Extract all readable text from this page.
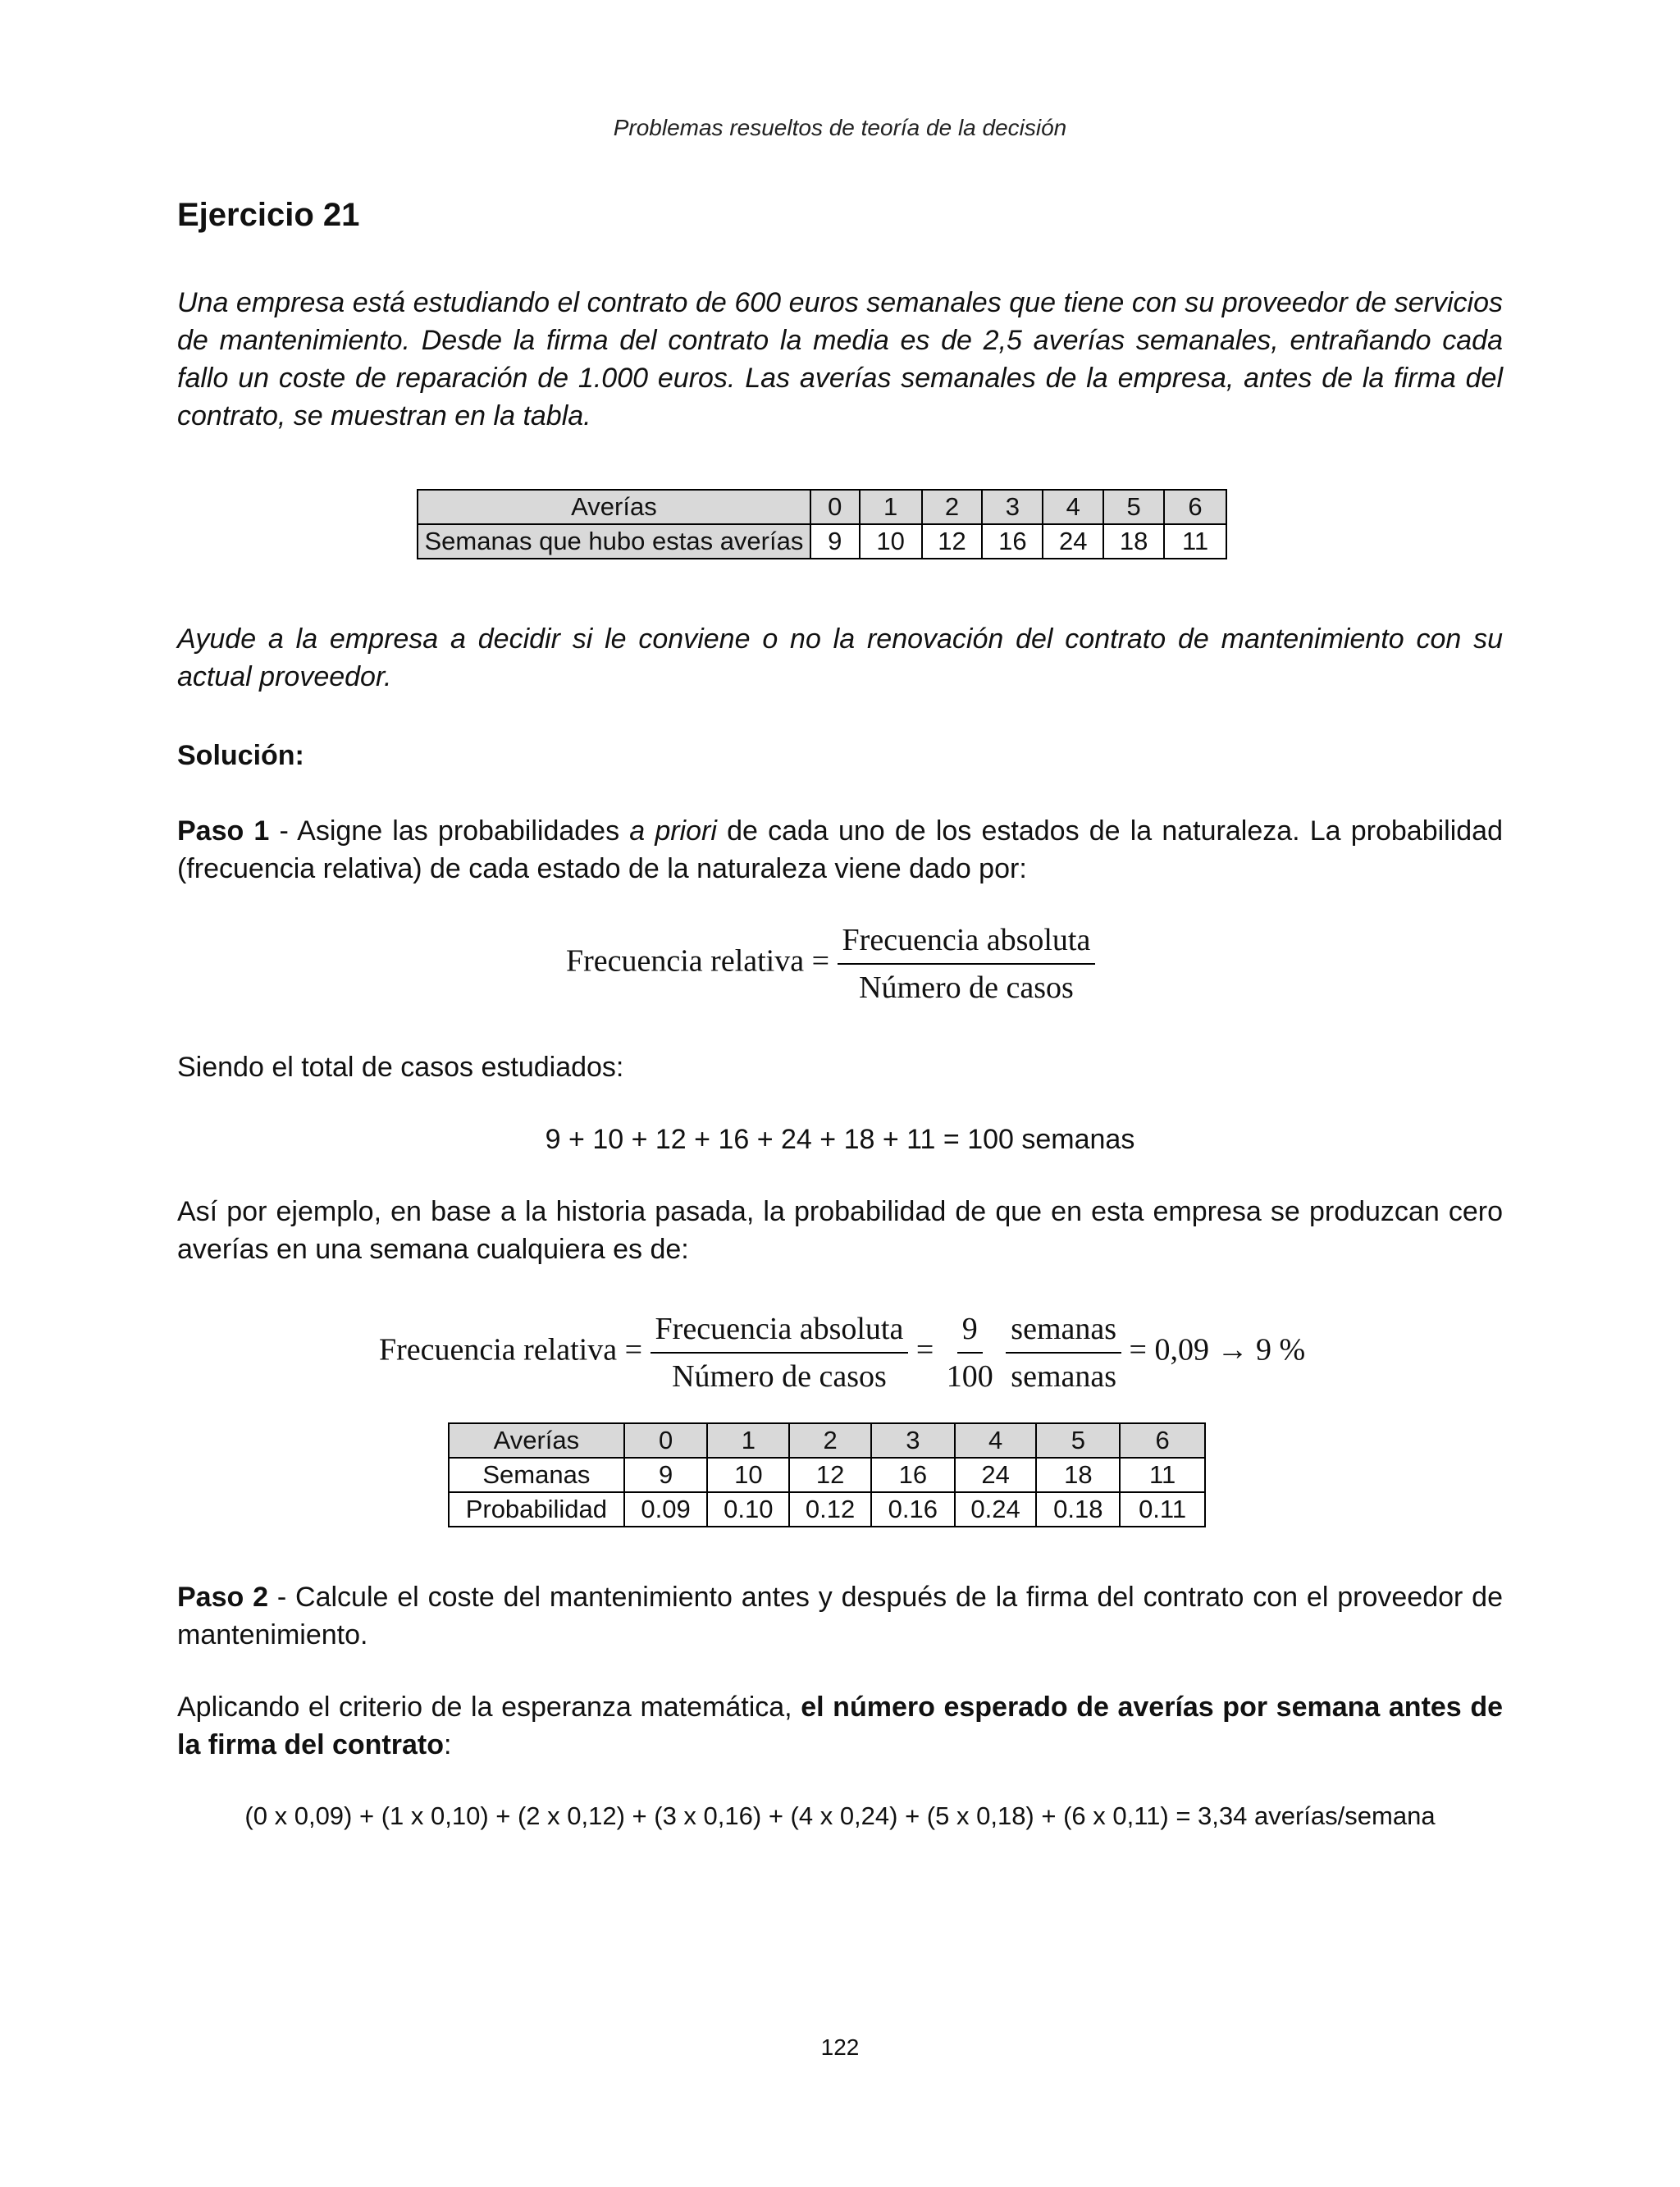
Problemas resueltos de teoría de la decisión
Ejercicio 21
Una empresa está estudiando el contrato de 600 euros semanales que tiene con su proveedor de servicios de mantenimiento. Desde la firma del contrato la media es de 2,5 averías semanales, entrañando cada fallo un coste de reparación de 1.000 euros. Las averías semanales de la empresa, antes de la firma del contrato, se muestran en la tabla.
Averías	0	1	2	3	4	5	6
Semanas que hubo estas averías	9	10	12	16	24	18	11
Ayude a la empresa a decidir si le conviene o no la renovación del contrato de mantenimiento con su actual proveedor.
Solución:
Paso 1 - Asigne las probabilidades a priori de cada uno de los estados de la naturaleza. La probabilidad (frecuencia relativa) de cada estado de la naturaleza viene dado por:
Frecuencia relativa = $\frac{\text{Frecuencia absoluta}}{\text{Número de casos}}$
Siendo el total de casos estudiados:
9 + 10 + 12 + 16 + 24 + 18 + 11 = 100 semanas
Así por ejemplo, en base a la historia pasada, la probabilidad de que en esta empresa se produzcan cero averías en una semana cualquiera es de:
Frecuencia relativa = $\frac{\text{Frecuencia absoluta}}{\text{Número de casos}} = \frac{9}{100}$
$\frac{\text{semanas}}{\text{semanas}} = 0,09 \to 9$ %
Averías	0	1	2	3	4	5	6
Semanas	9	10	12	16	24	18	11
Probabilidad	0.09	0.10	0.12	0.16	0.24	0.18	0.11
Paso 2 - Calcule el coste del mantenimiento antes y después de la firma del contrato con el proveedor de mantenimiento.
Aplicando el criterio de la esperanza matemática, el número esperado de averías por semana antes de la firma del contrato:
(0 x 0,09) + (1 x 0,10) + (2 x 0,12) + (3 x 0,16) + (4 x 0,24) + (5 x 0,18) + (6 x 0,11) = 3,34 averías/semana
122
